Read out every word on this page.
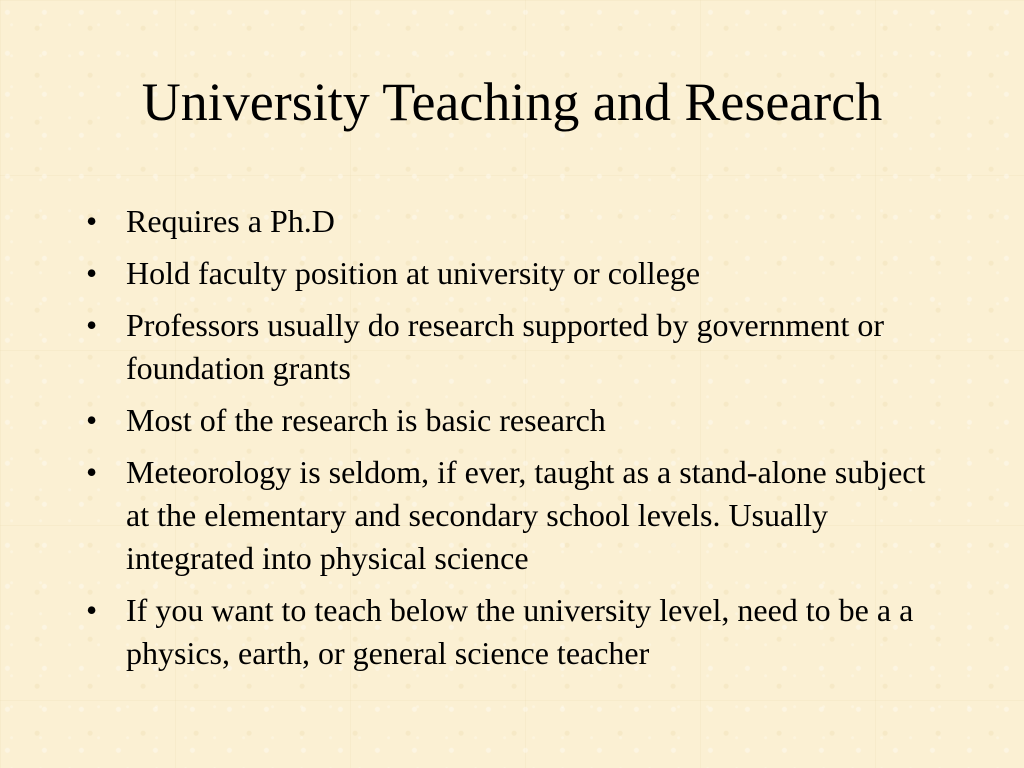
University Teaching and Research
• Requires a Ph.D
• Hold faculty position at university or college
• Professors usually do research supported by government or foundation grants
• Most of the research is basic research
• Meteorology is seldom, if ever, taught as a stand-alone subject at the elementary and secondary school levels. Usually integrated into physical science
• If you want to teach below the university level, need to be a a physics, earth, or general science teacher
